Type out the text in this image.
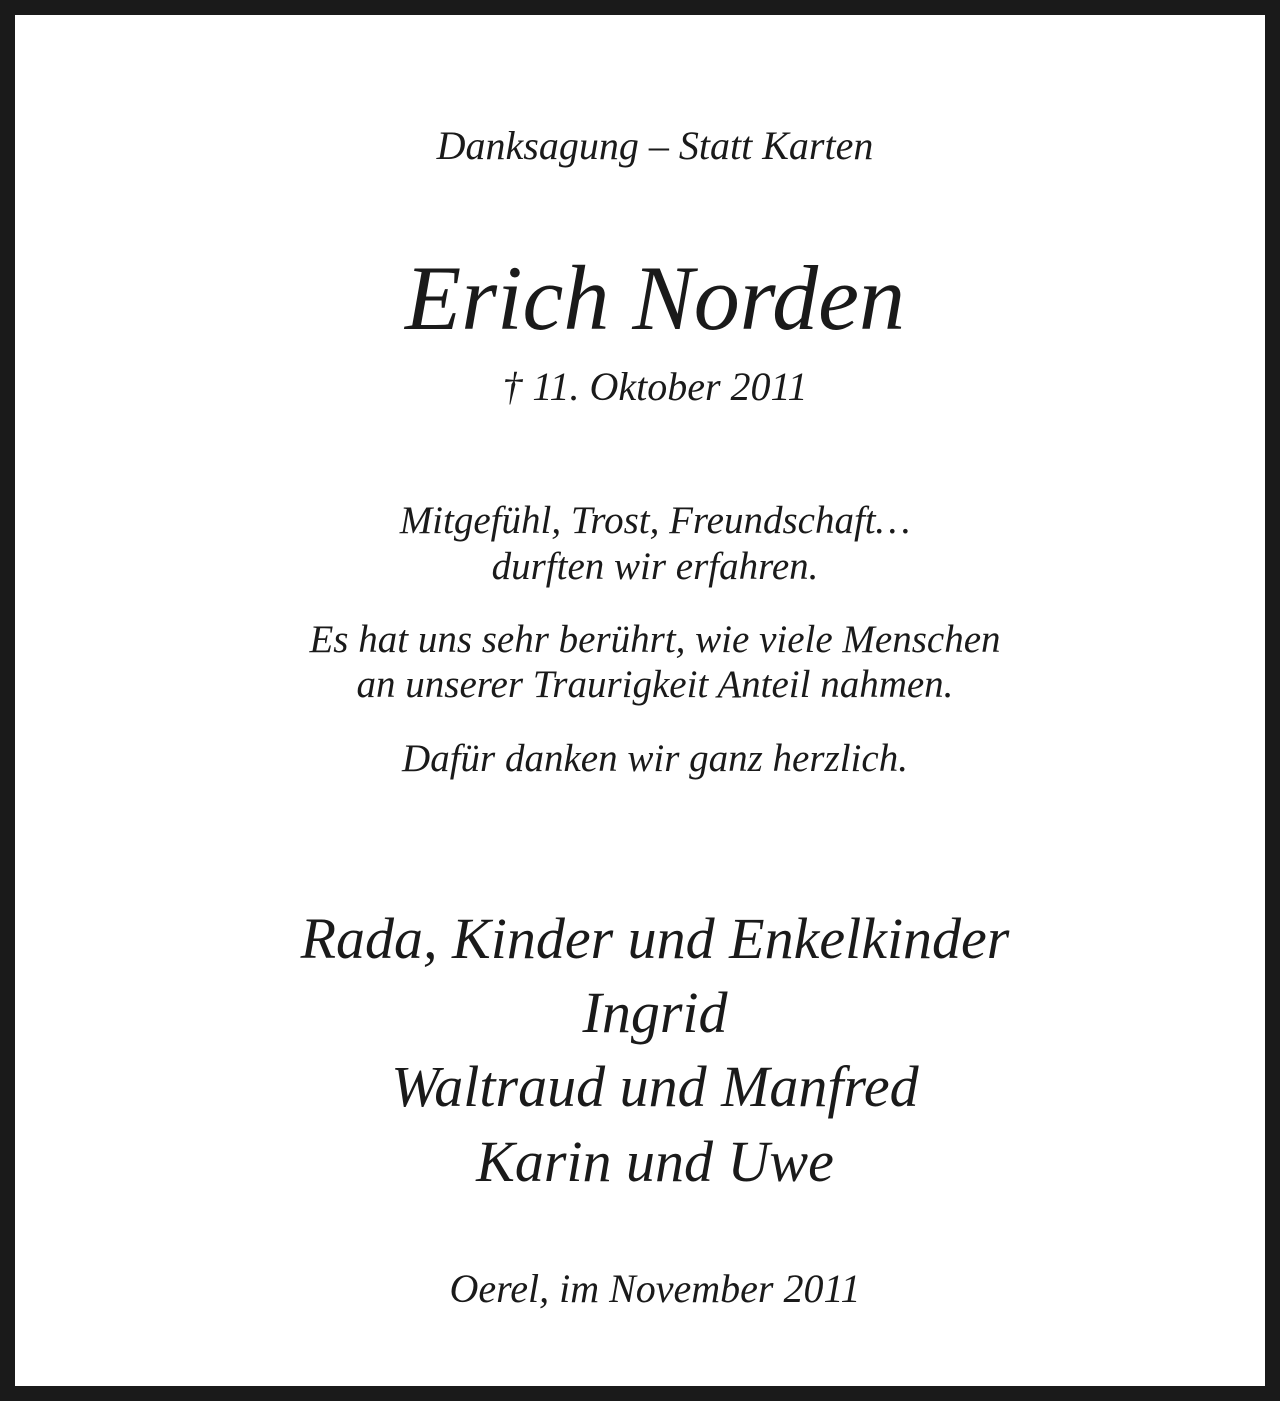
Danksagung – Statt Karten

Erich Norden

† 11. Oktober 2011

Mitgefühl, Trost, Freundschaft…

durften wir erfahren.

Es hat uns sehr berührt, wie viele Menschen

an unserer Traurigkeit Anteil nahmen.

Dafür danken wir ganz herzlich.

Rada, Kinder und Enkelkinder

Ingrid

Waltraud und Manfred

Karin und Uwe

Oerel, im November 2011
